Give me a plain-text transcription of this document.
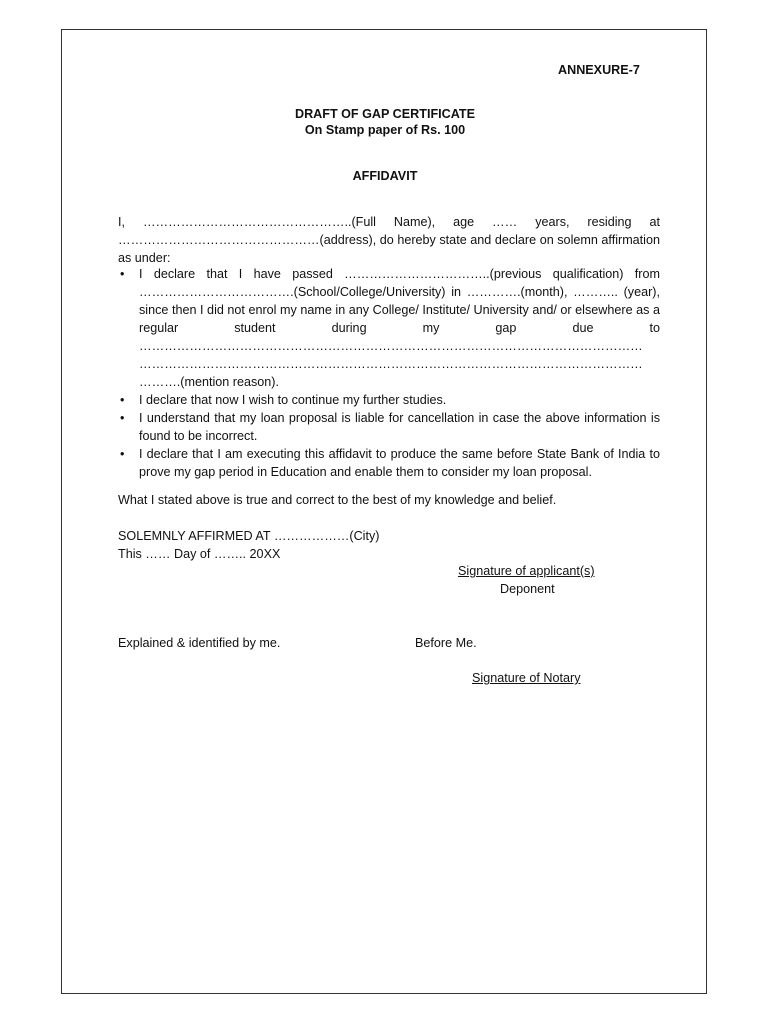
ANNEXURE-7
DRAFT OF GAP CERTIFICATE
On Stamp paper of Rs. 100
AFFIDAVIT
I, …………………………………………..(Full Name), age …… years, residing at
…………………………………………(address), do hereby state and declare on solemn affirmation as under:
• I declare that I have passed ……………………………..(previous qualification) from ……………………………….(School/College/University) in ………….(month), ……….. (year), since then I did not enrol my name in any College/ Institute/ University and/ or elsewhere as a regular student during my gap due to ………………………………………………………………………………………………………… ………………………………………………………………………………………………………… ……….(mention reason).
• I declare that now I wish to continue my further studies.
• I understand that my loan proposal is liable for cancellation in case the above information is found to be incorrect.
• I declare that I am executing this affidavit to produce the same before State Bank of India to prove my gap period in Education and enable them to consider my loan proposal.
What I stated above is true and correct to the best of my knowledge and belief.
SOLEMNLY AFFIRMED AT ………………(City)
This …… Day of …….. 20XX
Signature of applicant(s)
Deponent
Explained & identified by me.	Before Me.
Signature of Notary
